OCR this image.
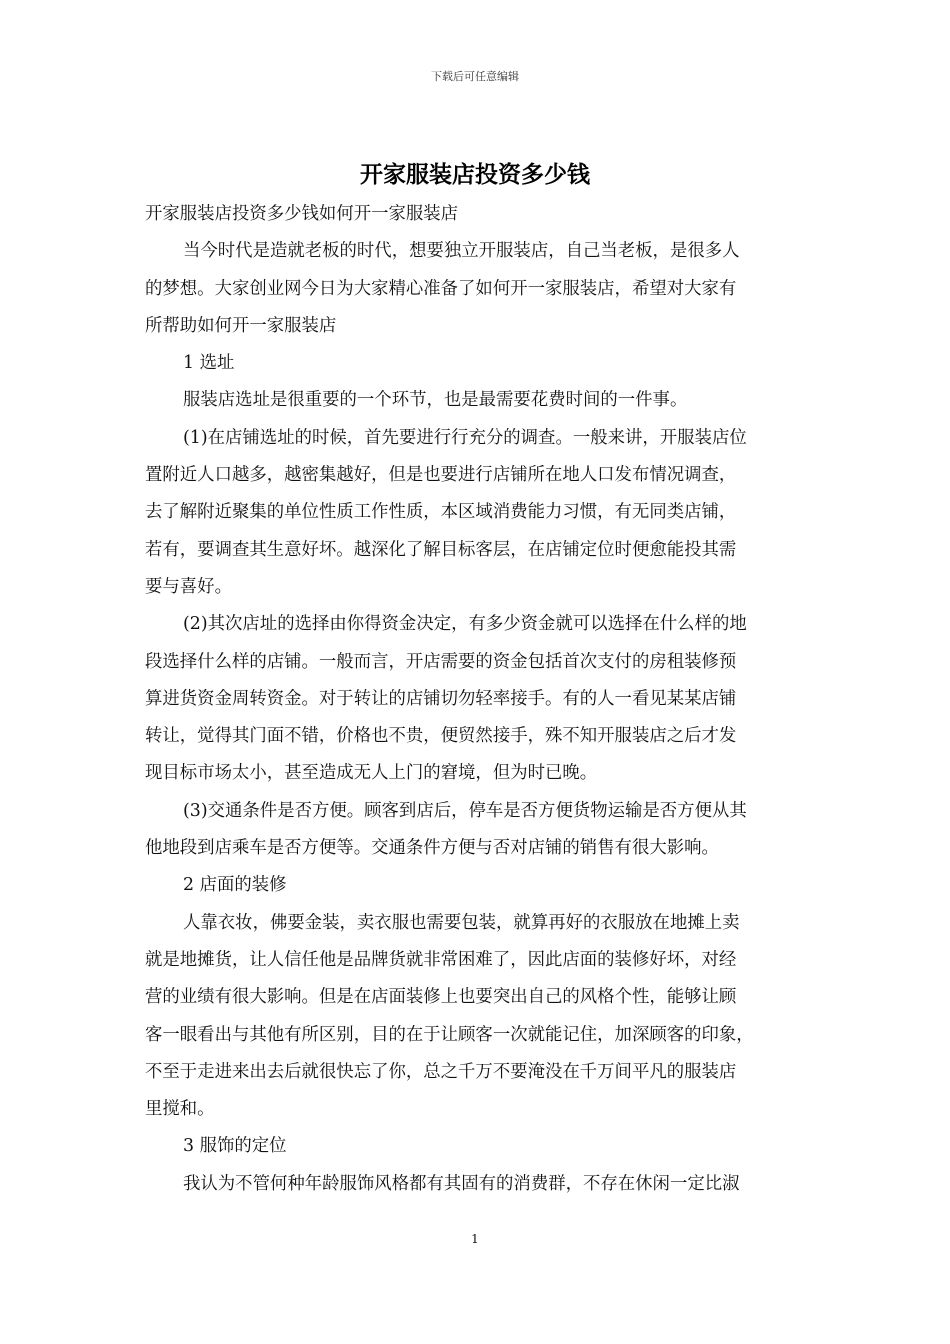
下载后可任意编辑
开家服装店投资多少钱
开家服装店投资多少钱如何开一家服装店
当今时代是造就老板的时代，想要独立开服装店，自己当老板，是很多人
的梦想。大家创业网今日为大家精心准备了如何开一家服装店，希望对大家有
所帮助如何开一家服装店
1 选址
服装店选址是很重要的一个环节，也是最需要花费时间的一件事。
(1)在店铺选址的时候，首先要进行行充分的调查。一般来讲，开服装店位
置附近人口越多，越密集越好，但是也要进行店铺所在地人口发布情况调查，
去了解附近聚集的单位性质工作性质，本区域消费能力习惯，有无同类店铺，
若有，要调查其生意好坏。越深化了解目标客层，在店铺定位时便愈能投其需
要与喜好。
(2)其次店址的选择由你得资金决定，有多少资金就可以选择在什么样的地
段选择什么样的店铺。一般而言，开店需要的资金包括首次支付的房租装修预
算进货资金周转资金。对于转让的店铺切勿轻率接手。有的人一看见某某店铺
转让，觉得其门面不错，价格也不贵，便贸然接手，殊不知开服装店之后才发
现目标市场太小，甚至造成无人上门的窘境，但为时已晚。
(3)交通条件是否方便。顾客到店后，停车是否方便货物运输是否方便从其
他地段到店乘车是否方便等。交通条件方便与否对店铺的销售有很大影响。
2 店面的装修
人靠衣妆，佛要金装，卖衣服也需要包装，就算再好的衣服放在地摊上卖
就是地摊货，让人信任他是品牌货就非常困难了，因此店面的装修好坏，对经
营的业绩有很大影响。但是在店面装修上也要突出自己的风格个性，能够让顾
客一眼看出与其他有所区别，目的在于让顾客一次就能记住，加深顾客的印象，
不至于走进来出去后就很快忘了你，总之千万不要淹没在千万间平凡的服装店
里搅和。
3 服饰的定位
我认为不管何种年龄服饰风格都有其固有的消费群，不存在休闲一定比淑
1
